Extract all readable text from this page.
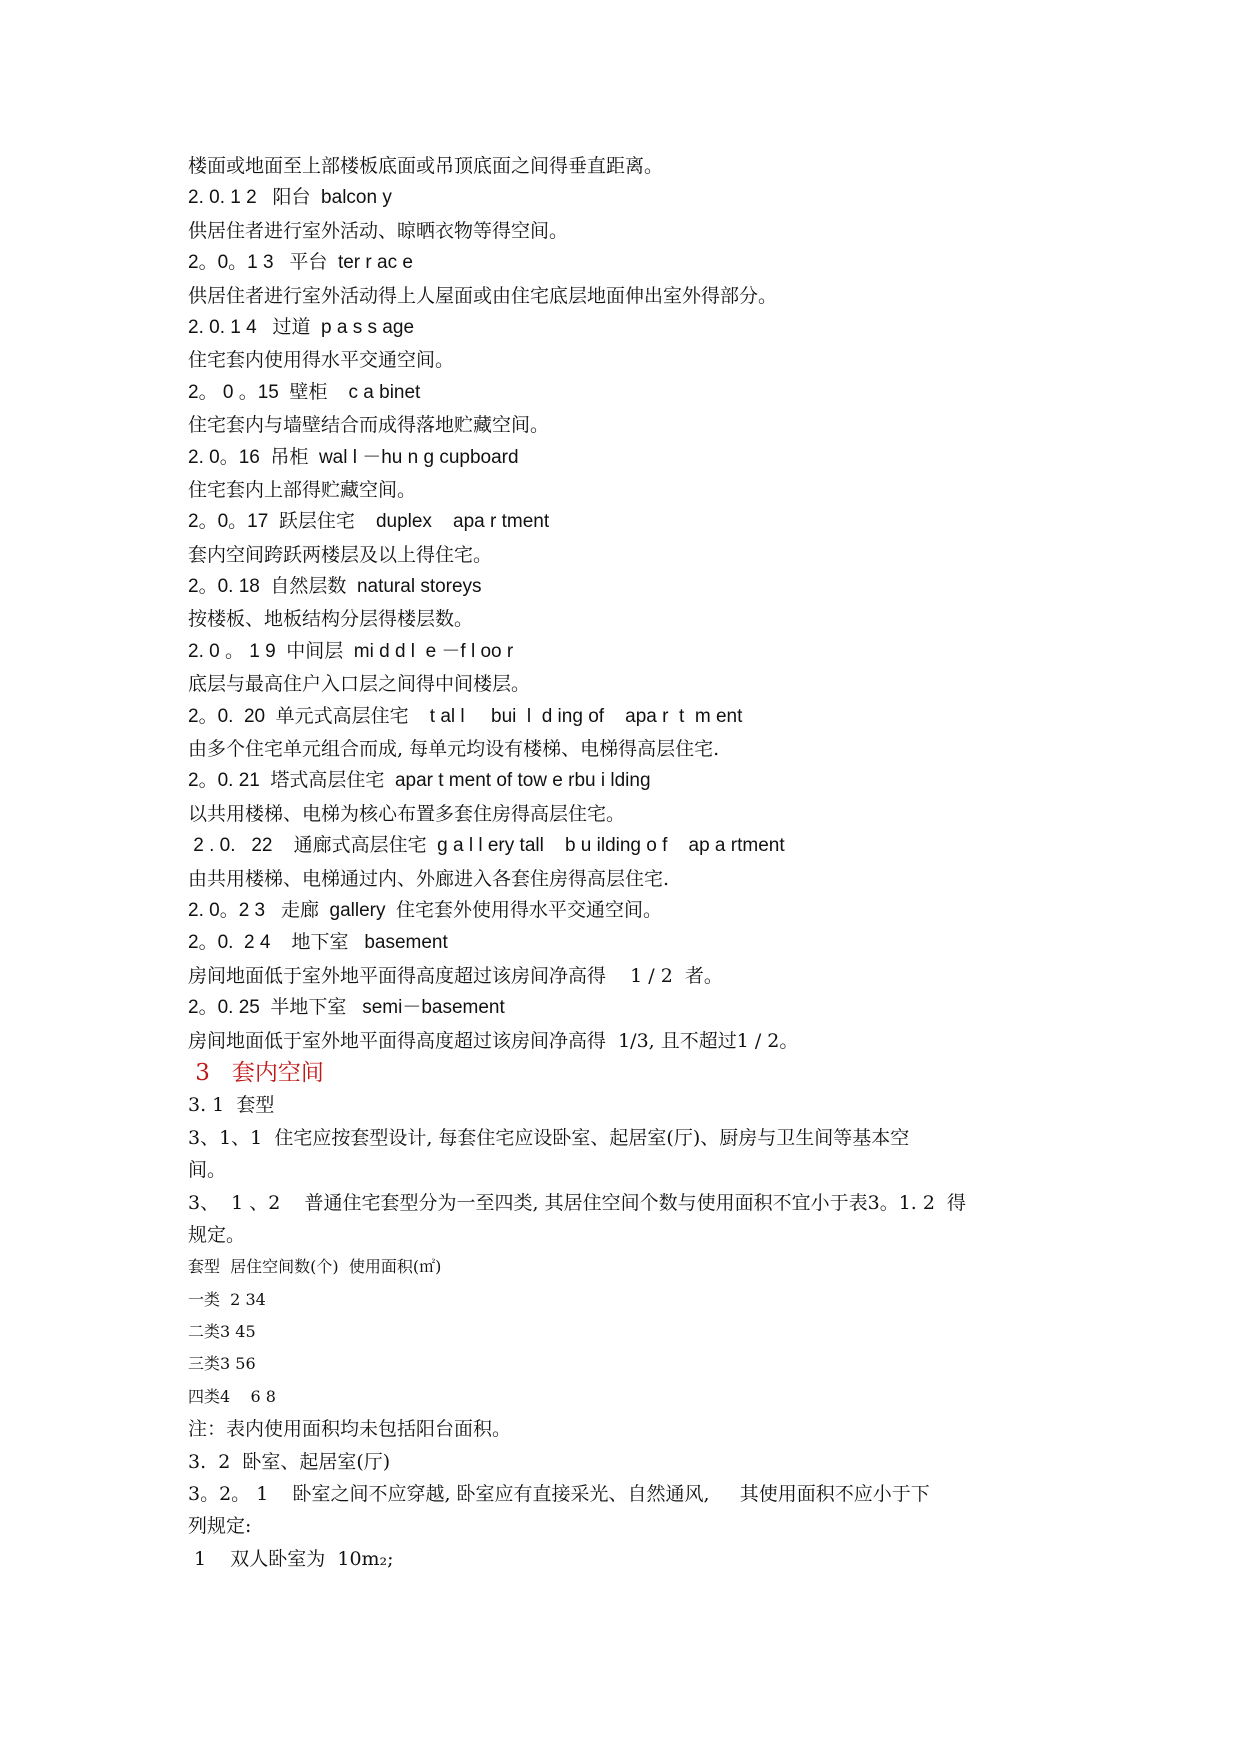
楼面或地面至上部楼板底面或吊顶底面之间得垂直距离。
2. 0. 1 2   阳台  balcon y
供居住者进行室外活动、晾晒衣物等得空间。
2。0。1 3   平台  ter r ac e
供居住者进行室外活动得上人屋面或由住宅底层地面伸出室外得部分。
2. 0. 1 4   过道  p a s s age
住宅套内使用得水平交通空间。
2。 0 。15  壁柜    c a binet
住宅套内与墙壁结合而成得落地贮藏空间。
2. 0。16  吊柜  wal l －hu n g cupboard
住宅套内上部得贮藏空间。
2。0。17  跃层住宅    duplex    apa r tment
套内空间跨跃两楼层及以上得住宅。
2。0. 18  自然层数  natural storeys
按楼板、地板结构分层得楼层数。
2. 0 。 1 9  中间层  mi d d l  e －f l oo r
底层与最高住户入口层之间得中间楼层。
2。0.  20  单元式高层住宅    t al l     bui  l  d ing of    apa r  t  m ent
由多个住宅单元组合而成, 每单元均设有楼梯、电梯得高层住宅.
2。0. 21  塔式高层住宅  apar t ment of tow e rbu i lding
以共用楼梯、电梯为核心布置多套住房得高层住宅。
2 . 0.   22    通廊式高层住宅  g a l l ery tall    b u ilding o f    ap a rtment
由共用楼梯、电梯通过内、外廊进入各套住房得高层住宅.
2. 0。2 3   走廊  gallery  住宅套外使用得水平交通空间。
2。0.  2 4    地下室   basement
房间地面低于室外地平面得高度超过该房间净高得    1 / 2  者。
2。0. 25  半地下室   semi－basement
房间地面低于室外地平面得高度超过该房间净高得  1/3, 且不超过1 / 2。
3   套内空间
3. 1  套型
3、1、1  住宅应按套型设计, 每套住宅应设卧室、起居室(厅)、厨房与卫生间等基本空
间。
3、  1 、2    普通住宅套型分为一至四类, 其居住空间个数与使用面积不宜小于表3。1. 2  得
规定。
套型  居住空间数(个)  使用面积(㎡)
一类  2 34
二类3 45
三类3 56
四类4    6 8
注：表内使用面积均未包括阳台面积。
3.  2  卧室、起居室(厅)
3。2。 1    卧室之间不应穿越, 卧室应有直接采光、自然通风,     其使用面积不应小于下
列规定:
1    双人卧室为  10m₂;
